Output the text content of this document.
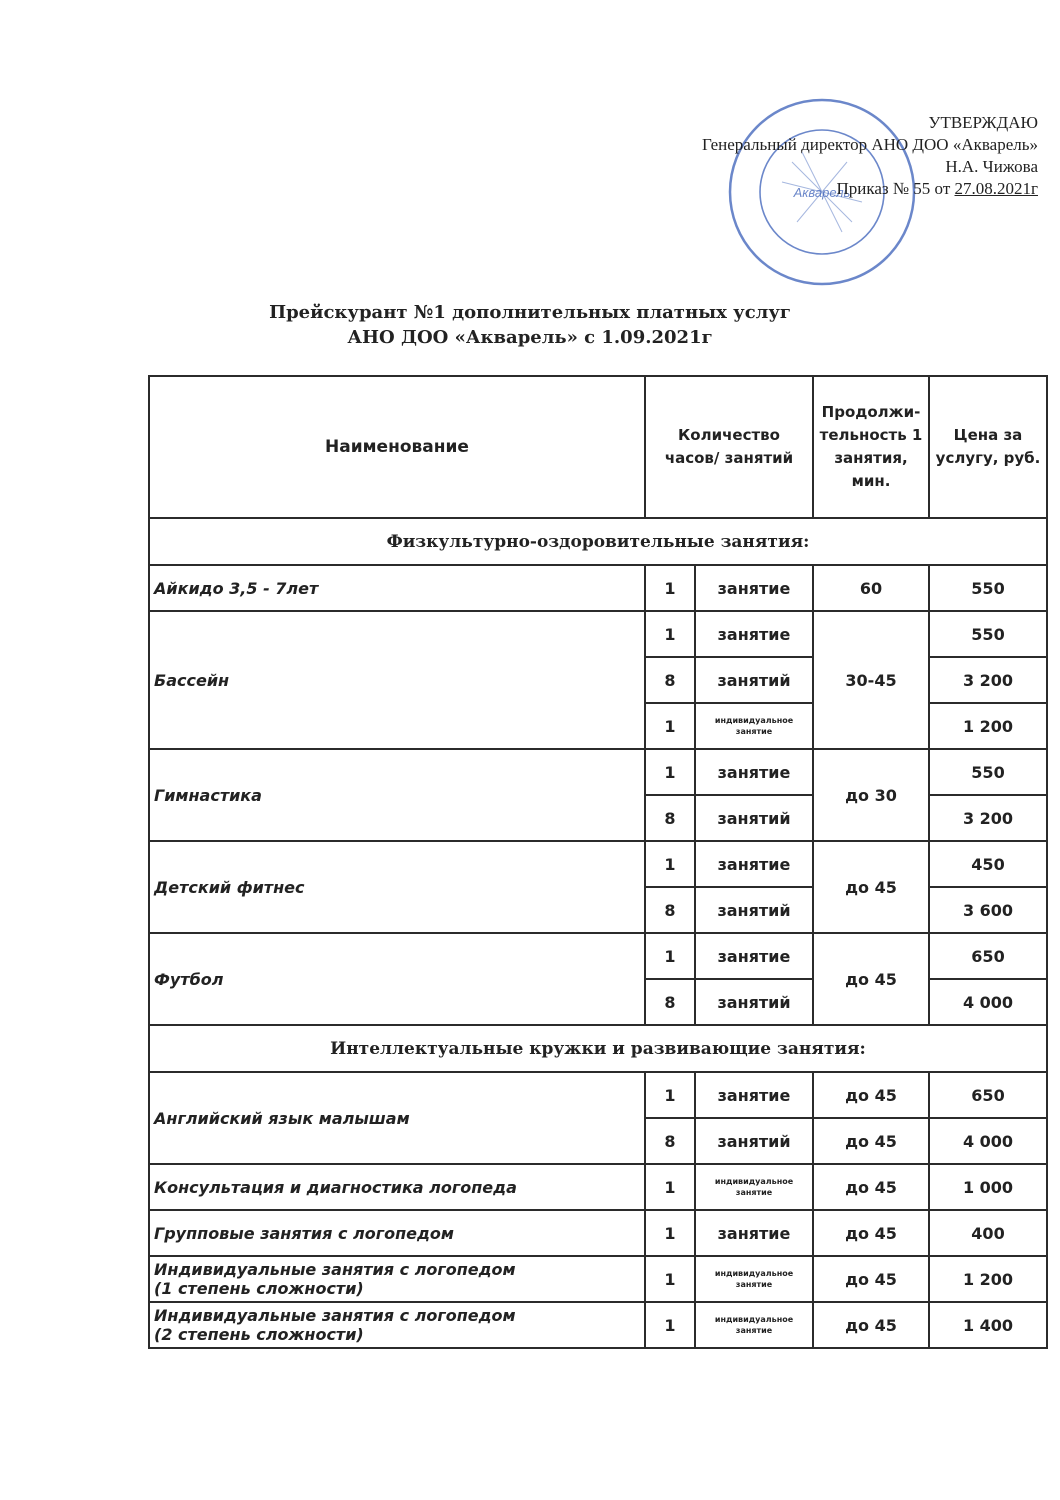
Акварель
УТВЕРЖДАЮ
Генеральный директор АНО ДОО «Акварель»
Н.А. Чижова
Приказ № 55 от 27.08.2021г
Прейскурант №1 дополнительных платных услуг
АНО ДОО «Акварель» с 1.09.2021г
Наименование	Количество часов/ занятий		Продолжи-тельность 1 занятия, мин.	Цена за услугу, руб.
Физкультурно-оздоровительные занятия:				
Айкидо 3,5 - 7лет	1	занятие	60	550
Бассейн	1	занятие	30-45	550
	8	занятий		3 200
	1	индивидуальное занятие		1 200
Гимнастика	1	занятие	до 30	550
	8	занятий		3 200
Детский фитнес	1	занятие	до 45	450
	8	занятий		3 600
Футбол	1	занятие	до 45	650
	8	занятий		4 000
Интеллектуальные кружки и развивающие занятия:				
Английский язык малышам	1	занятие	до 45	650
	8	занятий	до 45	4 000
Консультация и диагностика логопеда	1	индивидуальное занятие	до 45	1 000
Групповые занятия с логопедом	1	занятие	до 45	400

Индивидуальные занятия с логопедом
(1 степень сложности)	1	индивидуальное занятие	до 45	1 200

Индивидуальные занятия с логопедом
(2 степень сложности)	1	индивидуальное занятие	до 45	1 400
